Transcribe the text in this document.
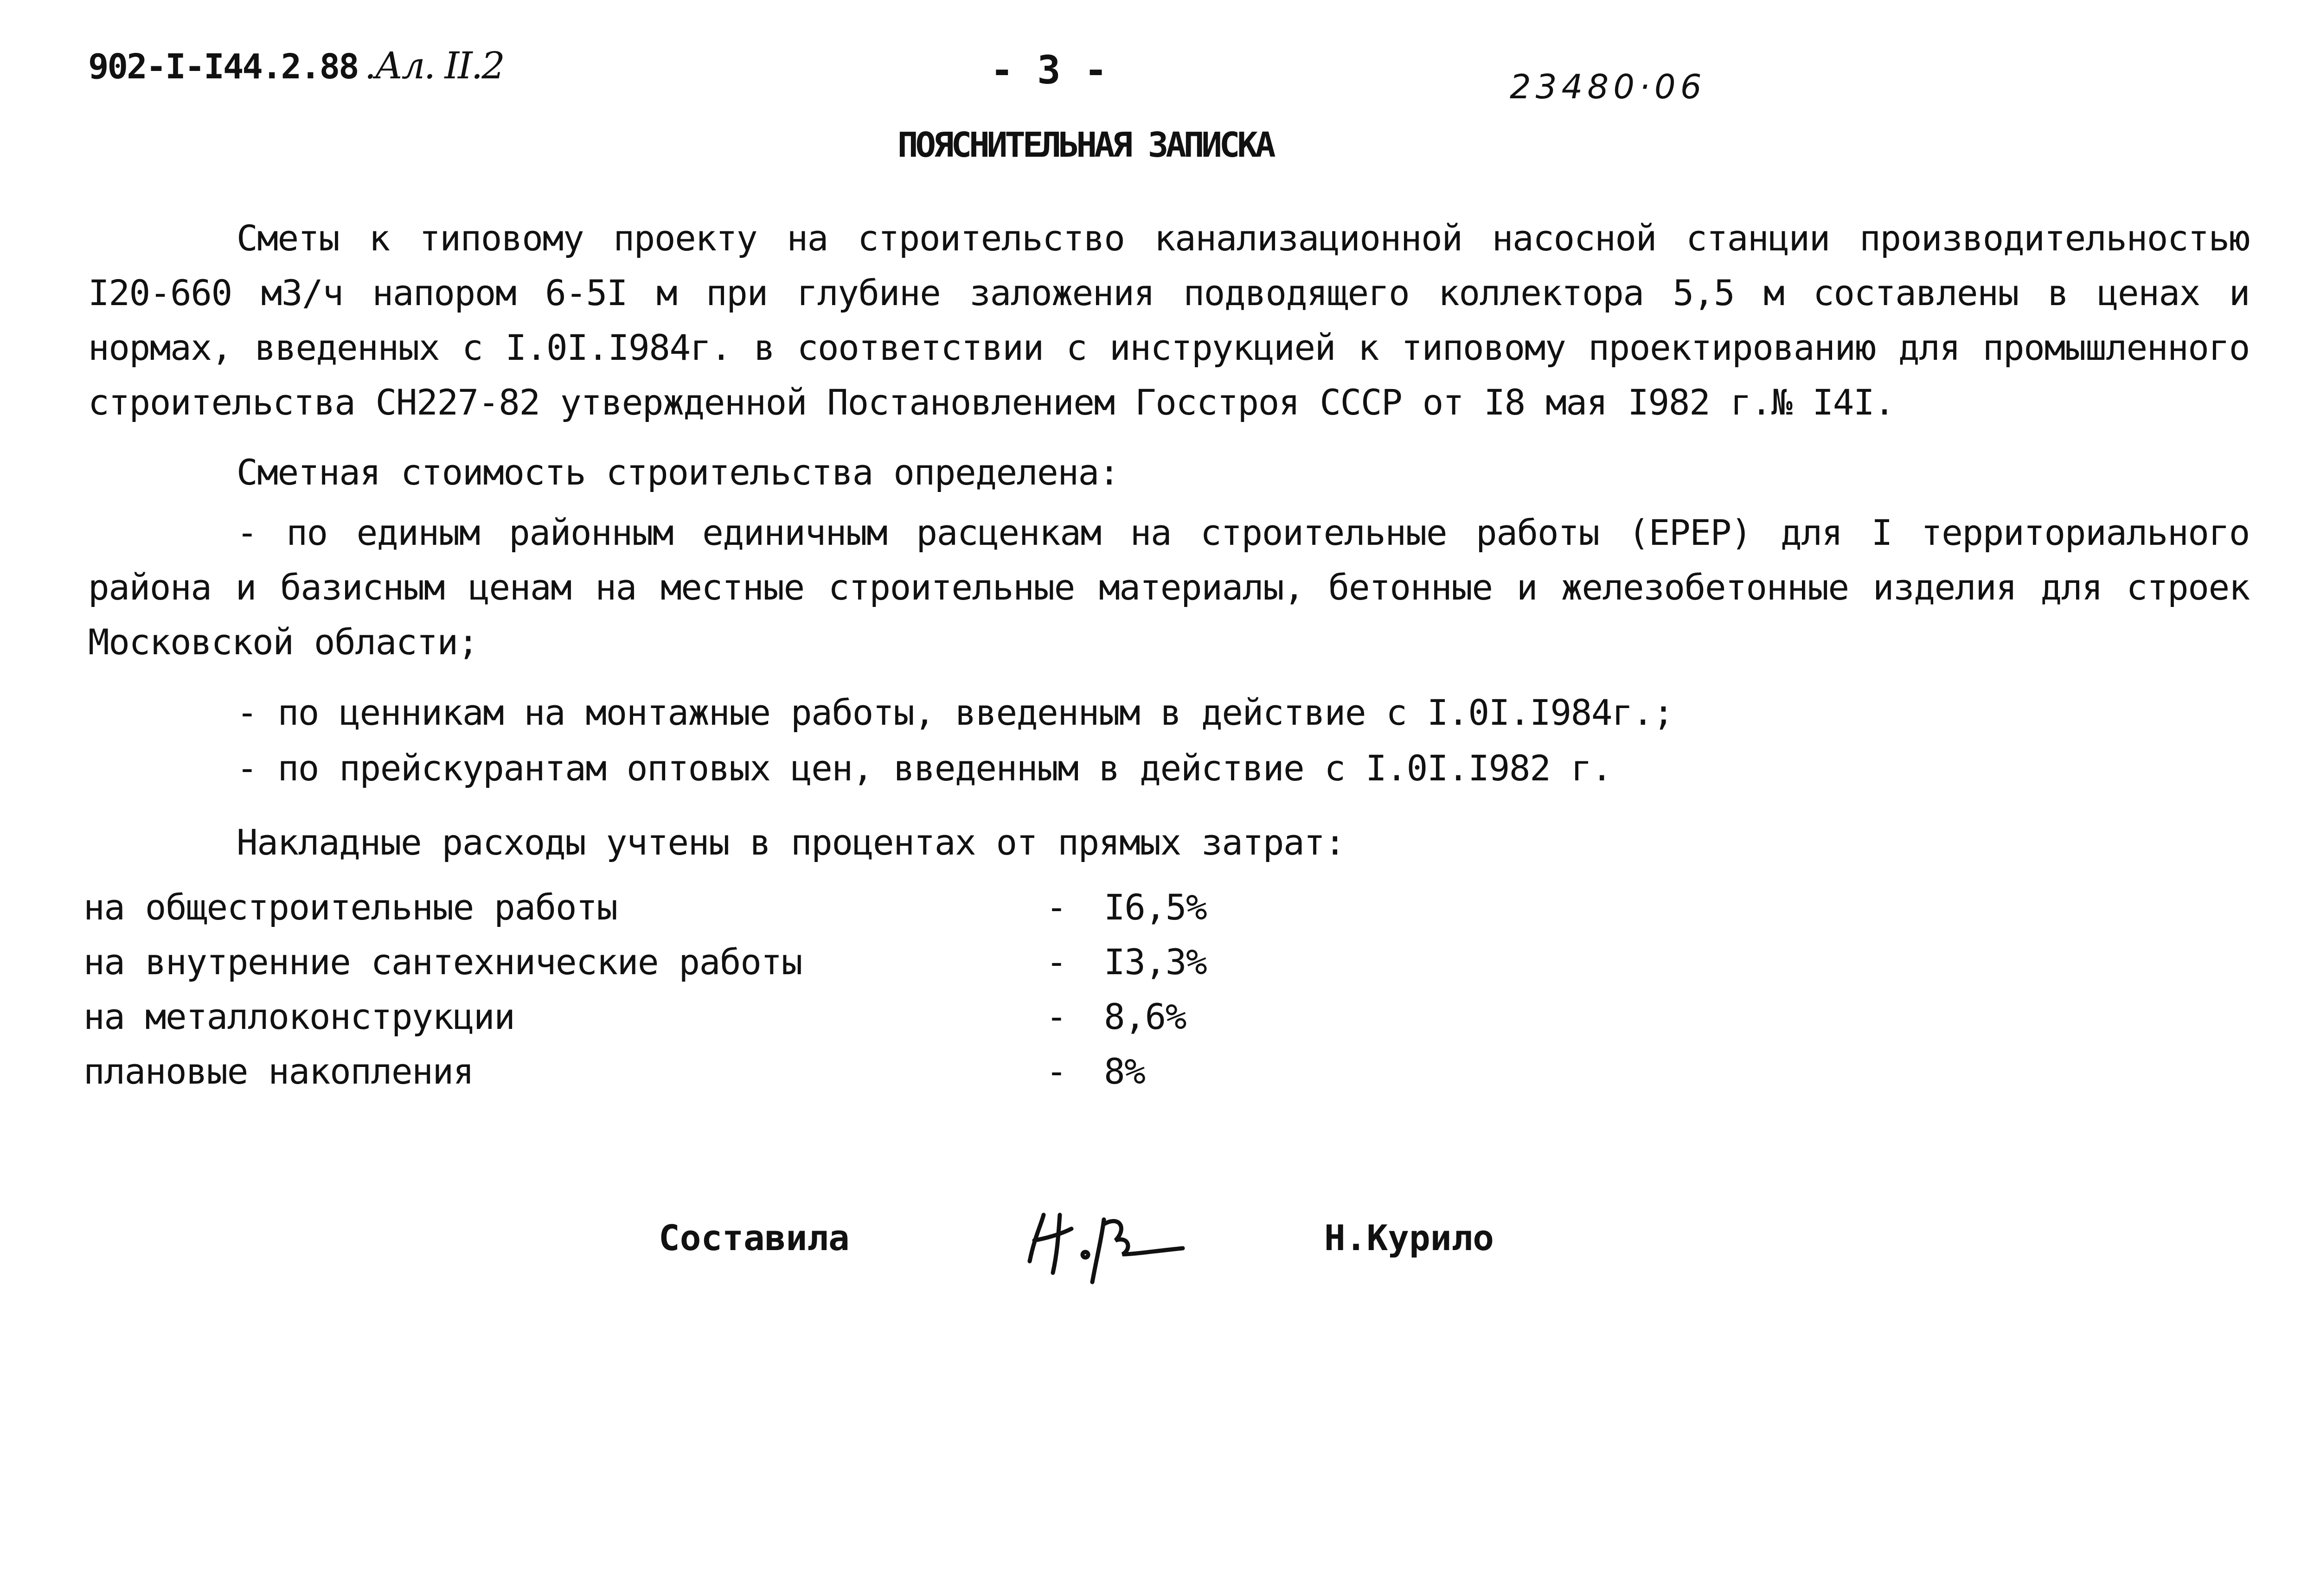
902-I-I44.2.88 .Ал. II.2	- 3 -	23480·06
ПОЯСНИТЕЛЬНАЯ ЗАПИСКА
Сметы к типовому проекту на строительство канализационной насосной станции производительностью I20-660 м3/ч напором 6-5I м при глубине заложения подводящего коллектора 5,5 м составлены в ценах и нормах, введенных с I.0I.I984г. в соответствии с инструкцией к типовому проектированию для промышленного строительства СН227-82 утвержденной Постановлением Госстроя СССР от I8 мая I982 г.№ I4I.
Сметная стоимость строительства определена:
- по единым районным единичным расценкам на строительные работы (ЕРЕР) для I территориального района и базисным ценам на местные строительные материалы, бетонные и железобетонные изделия для строек Московской области;
- по ценникам на монтажные работы, введенным в действие с I.0I.I984г.;
- по прейскурантам оптовых цен, введенным в действие с I.0I.I982 г.
Накладные расходы учтены в процентах от прямых затрат:
на общестроительные работы	- I6,5%
на внутренние сантехнические работы	- I3,3%
на металлоконструкции	- 8,6%
плановые накопления	- 8%
Составила	Н.Курило
